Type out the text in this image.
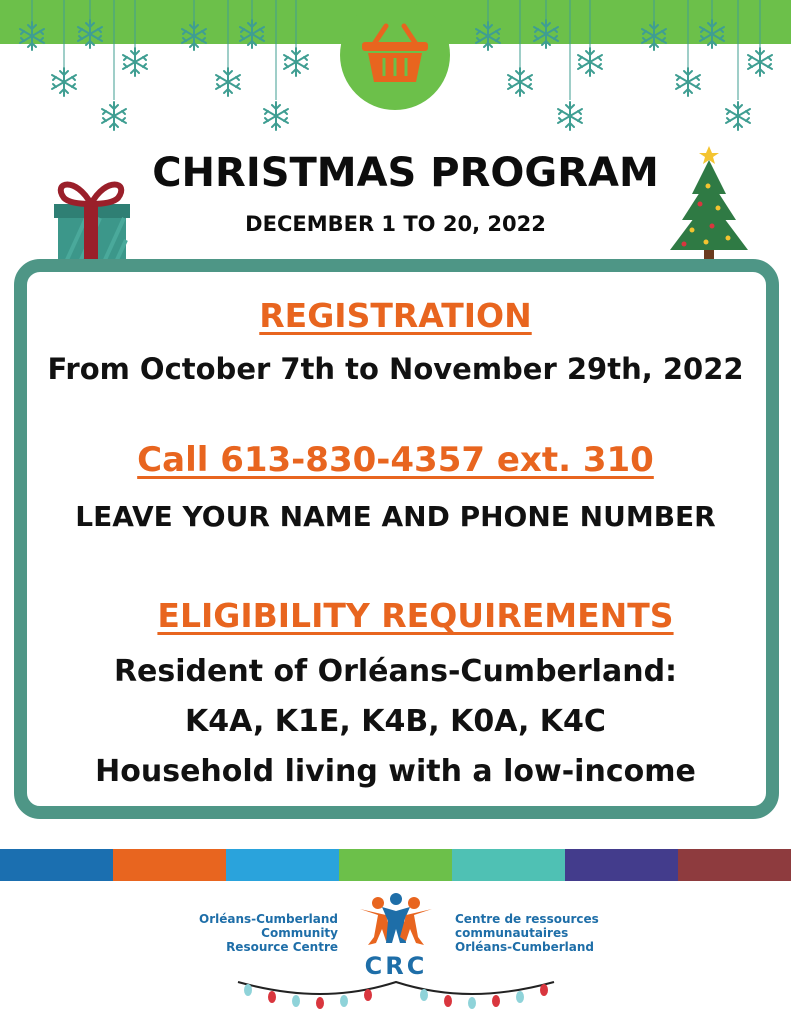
CHRISTMAS PROGRAM
DECEMBER 1 TO 20, 2022
REGISTRATION
From October 7th to November 29th, 2022
Call 613-830-4357 ext. 310
LEAVE YOUR NAME AND PHONE NUMBER
ELIGIBILITY REQUIREMENTS
Resident of Orléans-Cumberland:
K4A, K1E, K4B, K0A, K4C
Household living with a low-income
Orléans-Cumberland
Community
Resource Centre
CRC
Centre de ressources
communautaires
Orléans-Cumberland
